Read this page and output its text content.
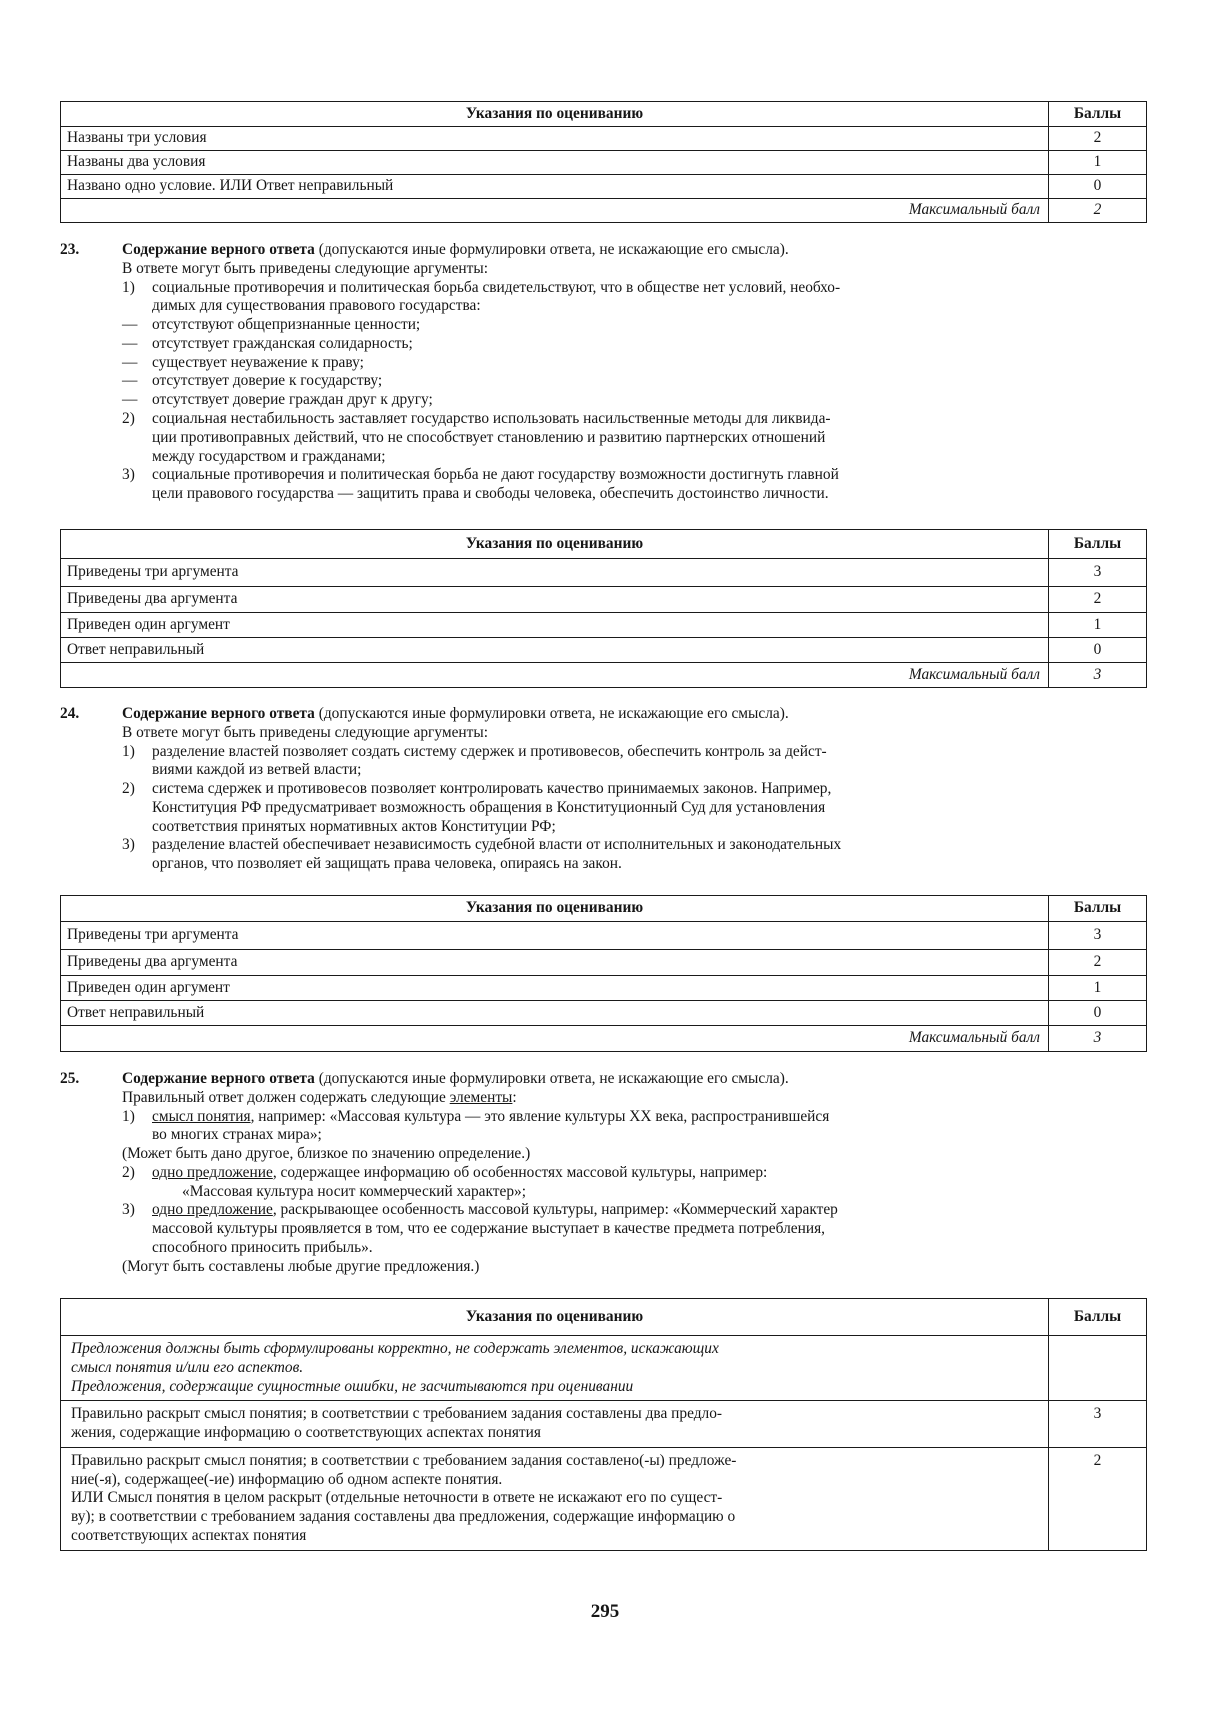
Указания по оцениванию	Баллы
Названы три условия	2
Названы два условия	1
Названо одно условие. ИЛИ Ответ неправильный	0
Максимальный балл	2
23.	Содержание верного ответа (допускаются иные формулировки ответа, не искажающие его смысла).
В ответе могут быть приведены следующие аргументы:
1)	социальные противоречия и политическая борьба свидетельствуют, что в обществе нет условий, необхо-
димых для существования правового государства:
— отсутствуют общепризнанные ценности;
— отсутствует гражданская солидарность;
— существует неуважение к праву;
— отсутствует доверие к государству;
— отсутствует доверие граждан друг к другу;
2)	социальная нестабильность заставляет государство использовать насильственные методы для ликвида-
ции противоправных действий, что не способствует становлению и развитию партнерских отношений
между государством и гражданами;
3)	социальные противоречия и политическая борьба не дают государству возможности достигнуть главной
цели правового государства — защитить права и свободы человека, обеспечить достоинство личности.
Указания по оцениванию	Баллы
Приведены три аргумента	3
Приведены два аргумента	2
Приведен один аргумент	1
Ответ неправильный	0
Максимальный балл	3
24.	Содержание верного ответа (допускаются иные формулировки ответа, не искажающие его смысла).
В ответе могут быть приведены следующие аргументы:
1)	разделение властей позволяет создать систему сдержек и противовесов, обеспечить контроль за дейст-
виями каждой из ветвей власти;
2)	система сдержек и противовесов позволяет контролировать качество принимаемых законов. Например,
Конституция РФ предусматривает возможность обращения в Конституционный Суд для установления
соответствия принятых нормативных актов Конституции РФ;
3)	разделение властей обеспечивает независимость судебной власти от исполнительных и законодательных
органов, что позволяет ей защищать права человека, опираясь на закон.
Указания по оцениванию	Баллы
Приведены три аргумента	3
Приведены два аргумента	2
Приведен один аргумент	1
Ответ неправильный	0
Максимальный балл	3
25.	Содержание верного ответа (допускаются иные формулировки ответа, не искажающие его смысла).
Правильный ответ должен содержать следующие элементы:
1)	смысл понятия, например: «Массовая культура — это явление культуры XX века, распространившейся
во многих странах мира»;
(Может быть дано другое, близкое по значению определение.)
2)	одно предложение, содержащее информацию об особенностях массовой культуры, например:
«Массовая культура носит коммерческий характер»;
3)	одно предложение, раскрывающее особенность массовой культуры, например: «Коммерческий характер
массовой культуры проявляется в том, что ее содержание выступает в качестве предмета потребления,
способного приносить прибыль».
(Могут быть составлены любые другие предложения.)
Указания по оцениванию	Баллы

Предложения должны быть сформулированы корректно, не содержать элементов, искажающих
смысл понятия и/или его аспектов.
Предложения, содержащие сущностные ошибки, не засчитываются при оценивании	

Правильно раскрыт смысл понятия; в соответствии с требованием задания составлены два предло-
жения, содержащие информацию о соответствующих аспектах понятия	3

Правильно раскрыт смысл понятия; в соответствии с требованием задания составлено(-ы) предложе-
ние(-я), содержащее(-ие) информацию об одном аспекте понятия.
ИЛИ Смысл понятия в целом раскрыт (отдельные неточности в ответе не искажают его по сущест-
ву); в соответствии с требованием задания составлены два предложения, содержащие информацию о
соответствующих аспектах понятия	2
295
